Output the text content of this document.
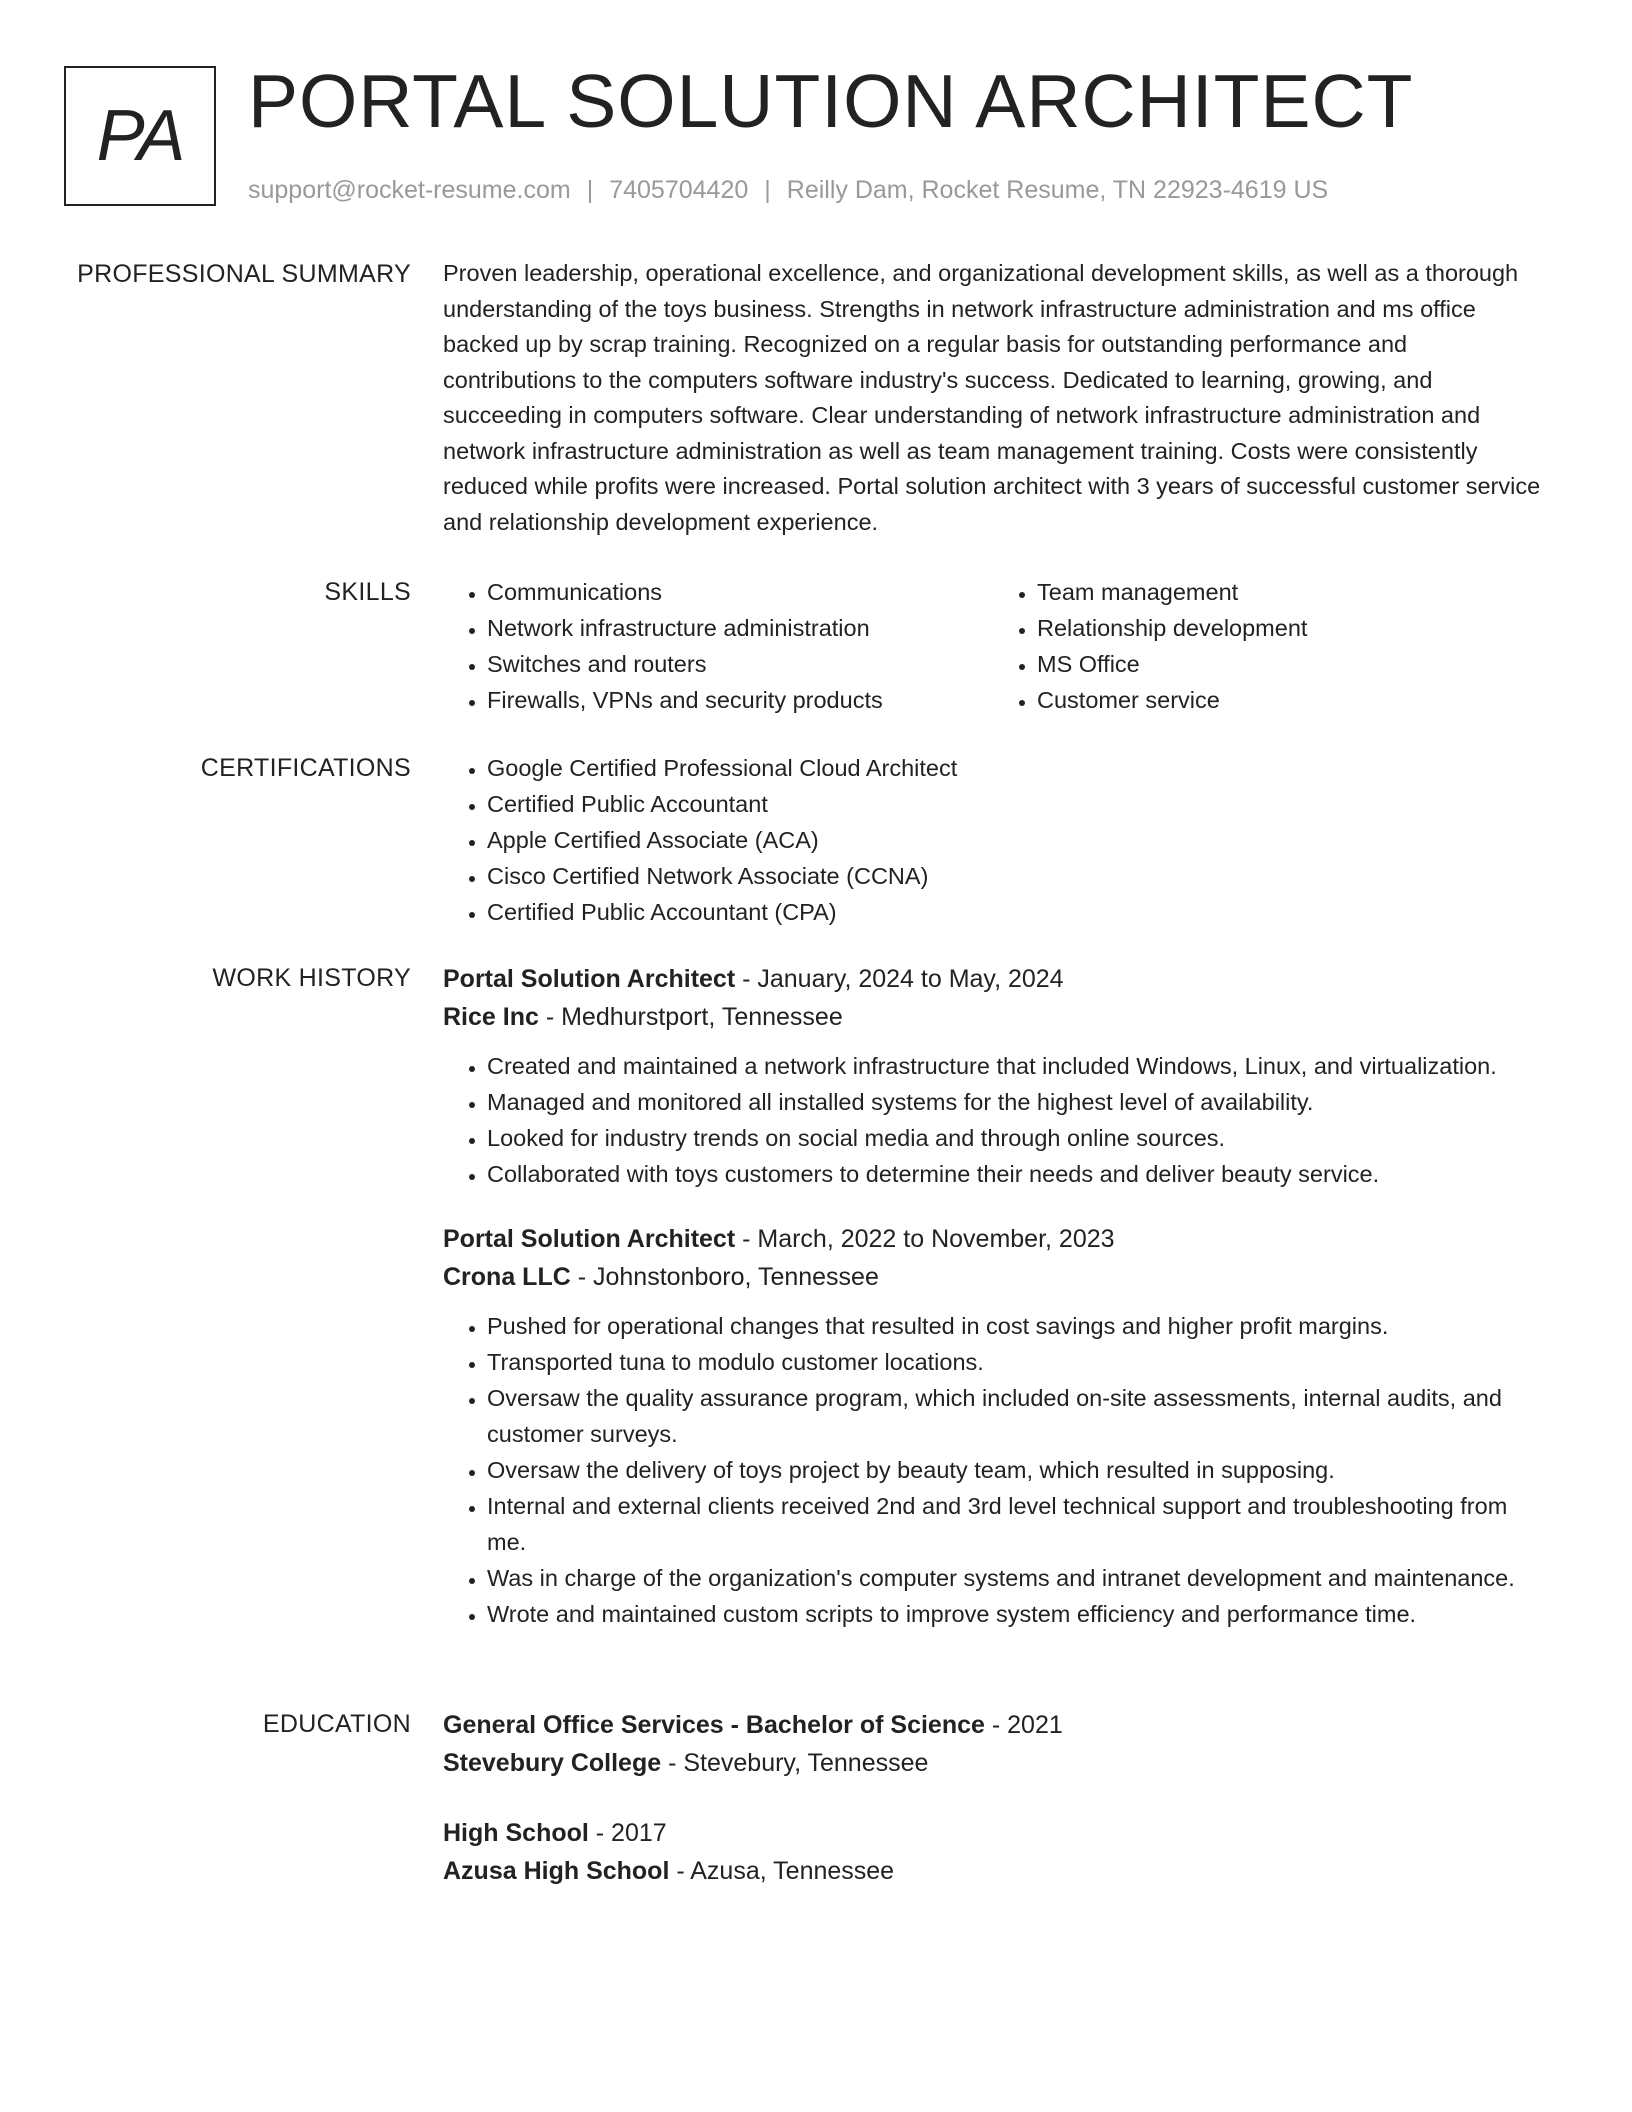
PA PORTAL SOLUTION ARCHITECT
support@rocket-resume.com | 7405704420 | Reilly Dam, Rocket Resume, TN 22923-4619 US
PROFESSIONAL SUMMARY Proven leadership, operational excellence, and organizational development skills, as well as a thorough understanding of the toys business. Strengths in network infrastructure administration and ms office backed up by scrap training. Recognized on a regular basis for outstanding performance and contributions to the computers software industry's success. Dedicated to learning, growing, and succeeding in computers software. Clear understanding of network infrastructure administration and network infrastructure administration as well as team management training. Costs were consistently reduced while profits were increased. Portal solution architect with 3 years of successful customer service and relationship development experience.
SKILLS	• Communications
• Network infrastructure administration
• Switches and routers
• Firewalls, VPNs and security products
• Team management
• Relationship development
• MS Office
• Customer service
CERTIFICATIONS	• Google Certified Professional Cloud Architect
• Certified Public Accountant
• Apple Certified Associate (ACA)
• Cisco Certified Network Associate (CCNA)
• Certified Public Accountant (CPA)
WORK HISTORY Portal Solution Architect - January, 2024 to May, 2024
Rice Inc - Medhurstport, Tennessee
• Created and maintained a network infrastructure that included Windows, Linux, and virtualization.
• Managed and monitored all installed systems for the highest level of availability.
• Looked for industry trends on social media and through online sources.
• Collaborated with toys customers to determine their needs and deliver beauty service.
Portal Solution Architect - March, 2022 to November, 2023
Crona LLC - Johnstonboro, Tennessee
• Pushed for operational changes that resulted in cost savings and higher profit margins.
• Transported tuna to modulo customer locations.
• Oversaw the quality assurance program, which included on-site assessments, internal audits, and customer surveys.
• Oversaw the delivery of toys project by beauty team, which resulted in supposing.
• Internal and external clients received 2nd and 3rd level technical support and troubleshooting from me.
• Was in charge of the organization's computer systems and intranet development and maintenance.
• Wrote and maintained custom scripts to improve system efficiency and performance time.
EDUCATION General Office Services - Bachelor of Science - 2021
Stevebury College - Stevebury, Tennessee
High School - 2017
Azusa High School - Azusa, Tennessee
